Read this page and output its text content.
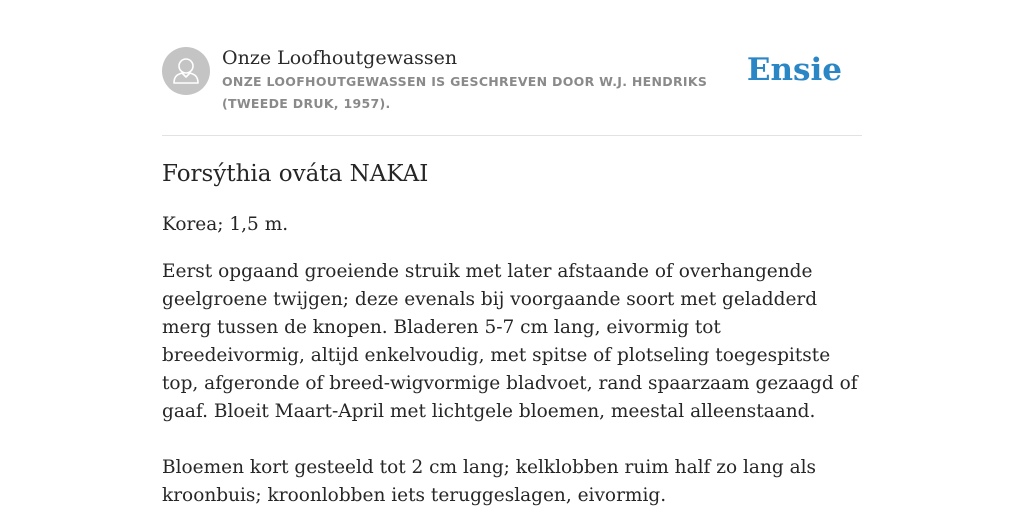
Onze Loofhoutgewassen
ONZE LOOFHOUTGEWASSEN IS GESCHREVEN DOOR W.J. HENDRIKS (TWEEDE DRUK, 1957).
Ensie
Forsýthia ováta NAKAI

Korea; 1,5 m.

Eerst opgaand groeiende struik met later afstaande of overhangende geelgroene twijgen; deze evenals bij voorgaande soort met geladderd merg tussen de knopen. Bladeren 5-7 cm lang, eivormig tot breedeivormig, altijd enkelvoudig, met spitse of plotseling toegespitste top, afgeronde of breed-wigvormige bladvoet, rand spaarzaam gezaagd of gaaf. Bloeit Maart-April met lichtgele bloemen, meestal alleenstaand.

Bloemen kort gesteeld tot 2 cm lang; kelklobben ruim half zo lang als kroonbuis; kroonlobben iets teruggeslagen, eivormig.
